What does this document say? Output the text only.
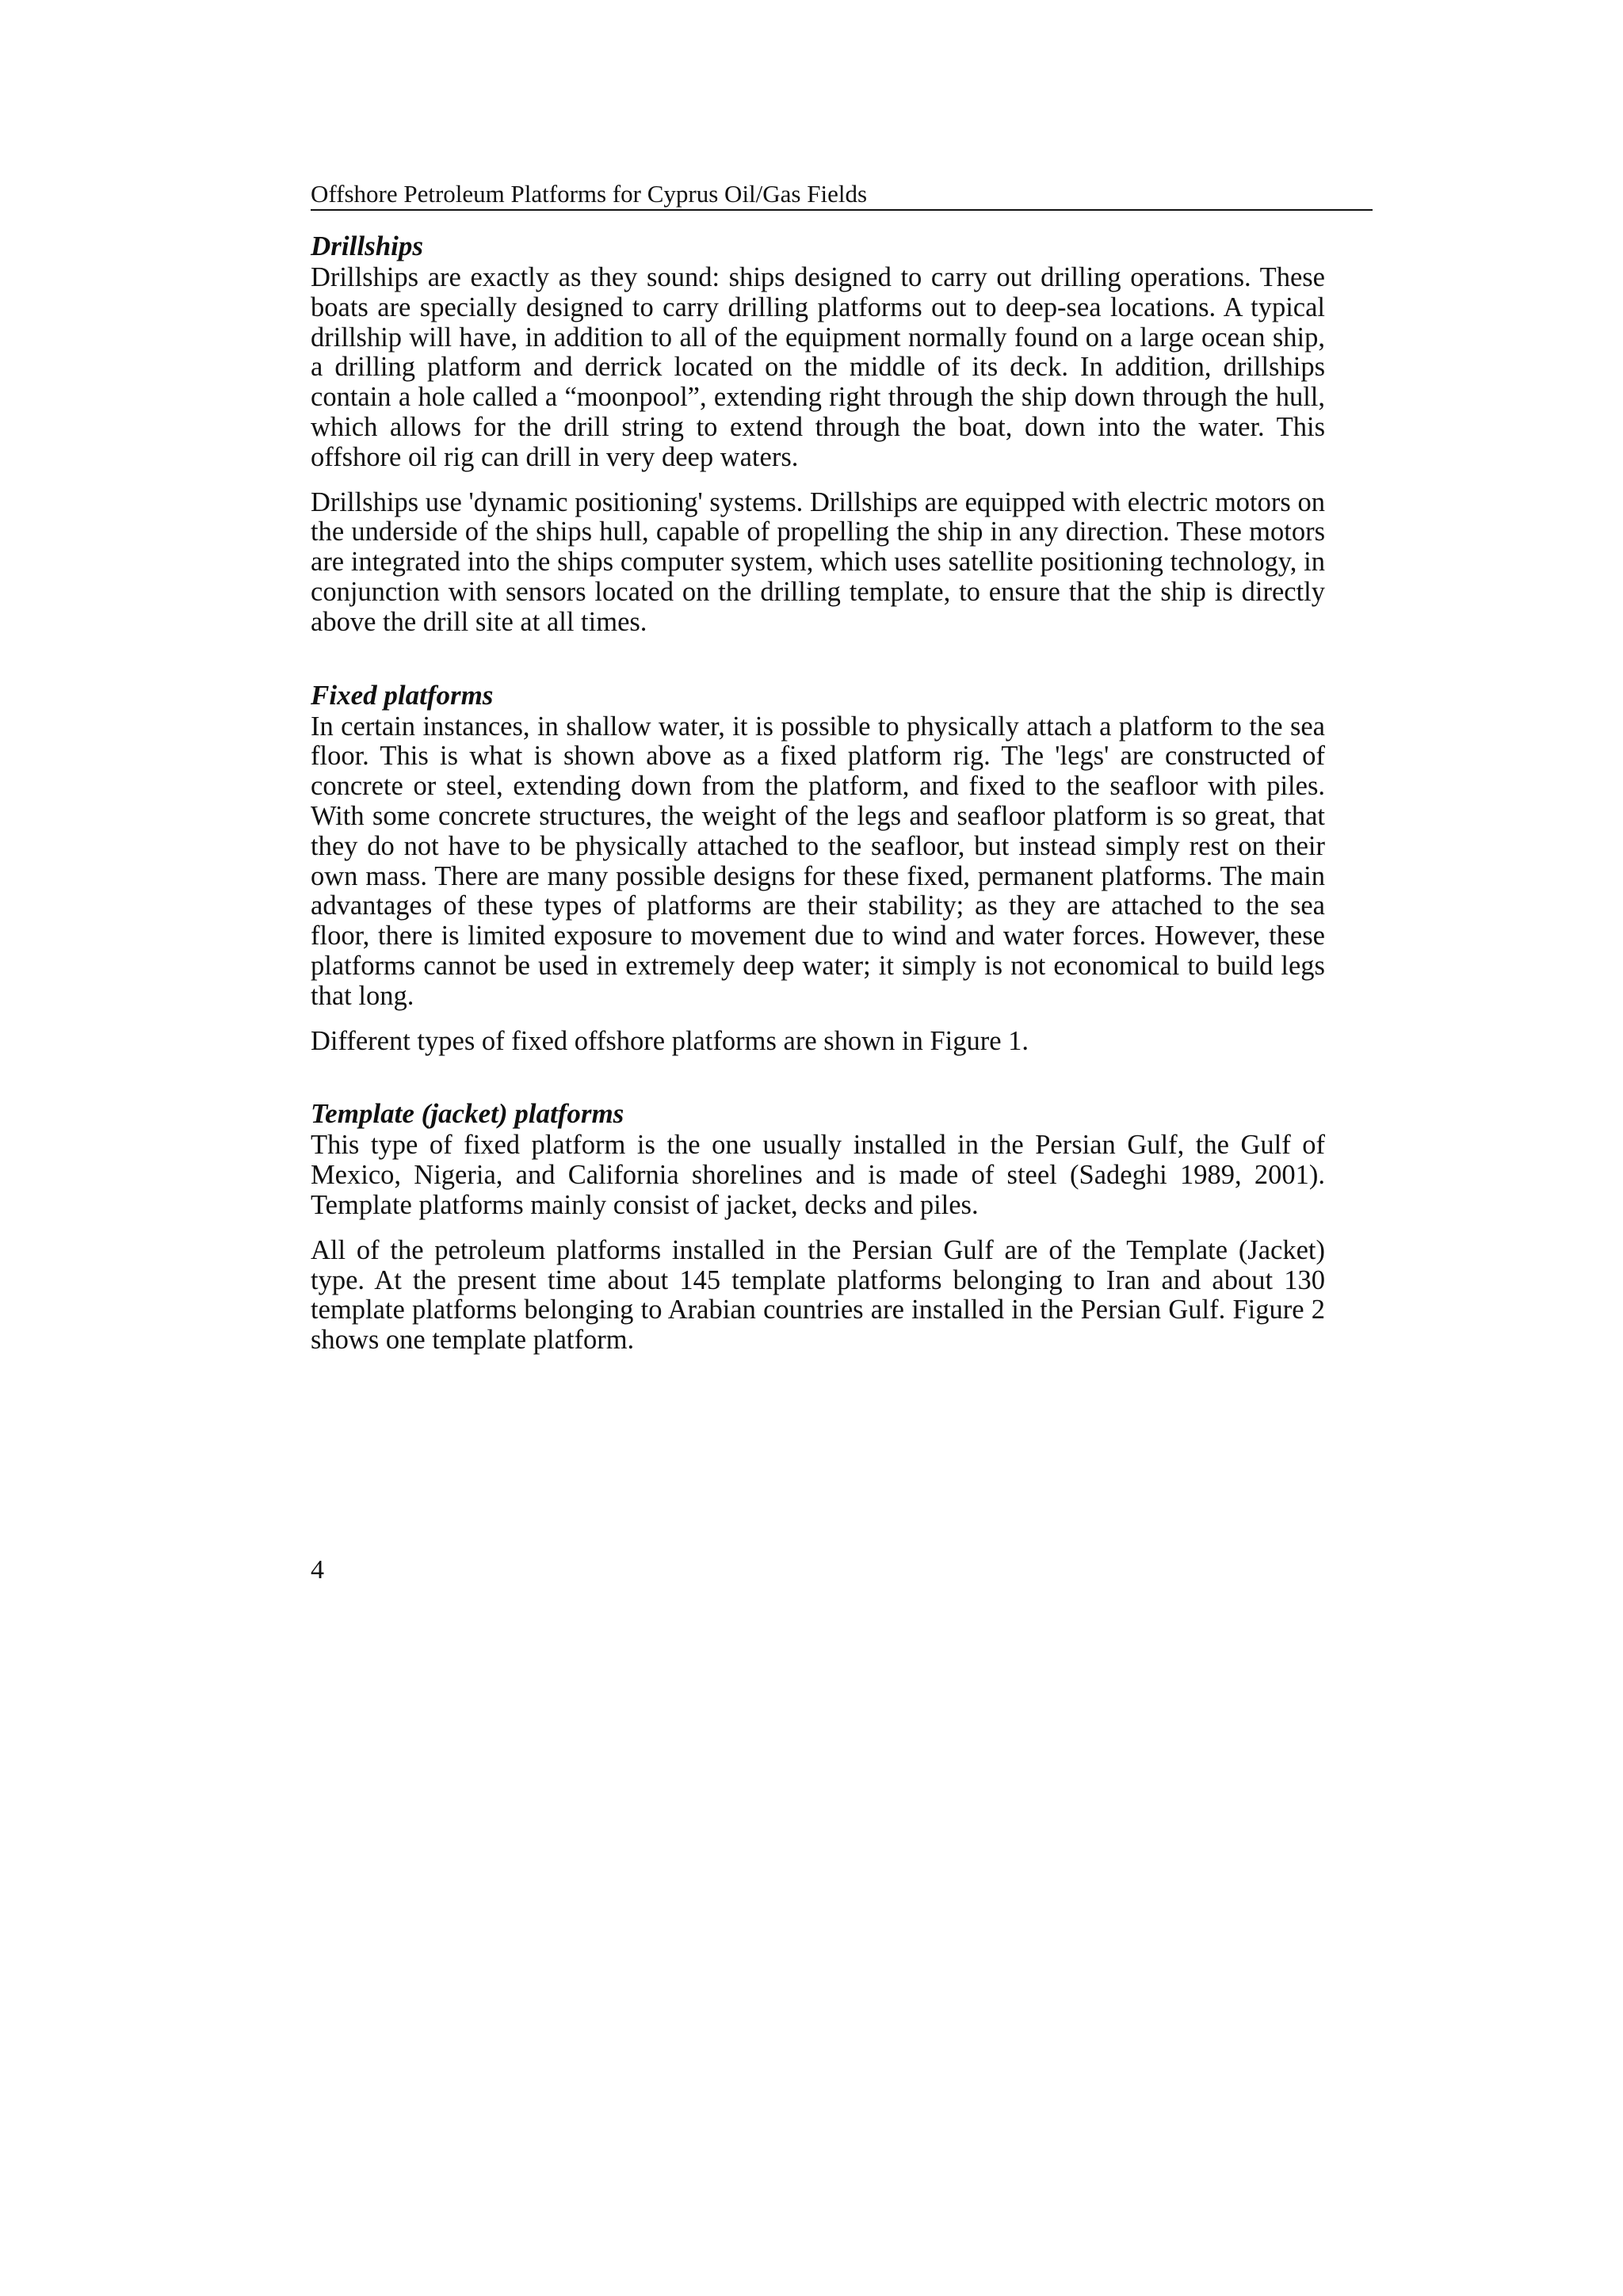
Offshore Petroleum Platforms for Cyprus Oil/Gas Fields
Drillships

Drillships are exactly as they sound: ships designed to carry out drilling operations. These boats are specially designed to carry drilling platforms out to deep-sea locations. A typical drillship will have, in addition to all of the equipment normally found on a large ocean ship, a drilling platform and derrick located on the middle of its deck. In addition, drillships contain a hole called a “moonpool”, extending right through the ship down through the hull, which allows for the drill string to extend through the boat, down into the water. This offshore oil rig can drill in very deep waters.

Drillships use 'dynamic positioning' systems. Drillships are equipped with electric motors on the underside of the ships hull, capable of propelling the ship in any direction. These motors are integrated into the ships computer system, which uses satellite positioning technology, in conjunction with sensors located on the drilling template, to ensure that the ship is directly above the drill site at all times.

Fixed platforms

In certain instances, in shallow water, it is possible to physically attach a platform to the sea floor. This is what is shown above as a fixed platform rig. The 'legs' are constructed of concrete or steel, extending down from the platform, and fixed to the seafloor with piles. With some concrete structures, the weight of the legs and seafloor platform is so great, that they do not have to be physically attached to the seafloor, but instead simply rest on their own mass. There are many possible designs for these fixed, permanent platforms. The main advantages of these types of platforms are their stability; as they are attached to the sea floor, there is limited exposure to movement due to wind and water forces. However, these platforms cannot be used in extremely deep water; it simply is not economical to build legs that long.

Different types of fixed offshore platforms are shown in Figure 1.

Template (jacket) platforms

This type of fixed platform is the one usually installed in the Persian Gulf, the Gulf of Mexico, Nigeria, and California shorelines and is made of steel (Sadeghi 1989, 2001). Template platforms mainly consist of jacket, decks and piles.

All of the petroleum platforms installed in the Persian Gulf are of the Template (Jacket) type. At the present time about 145 template platforms belonging to Iran and about 130 template platforms belonging to Arabian countries are installed in the Persian Gulf. Figure 2 shows one template platform.

4
